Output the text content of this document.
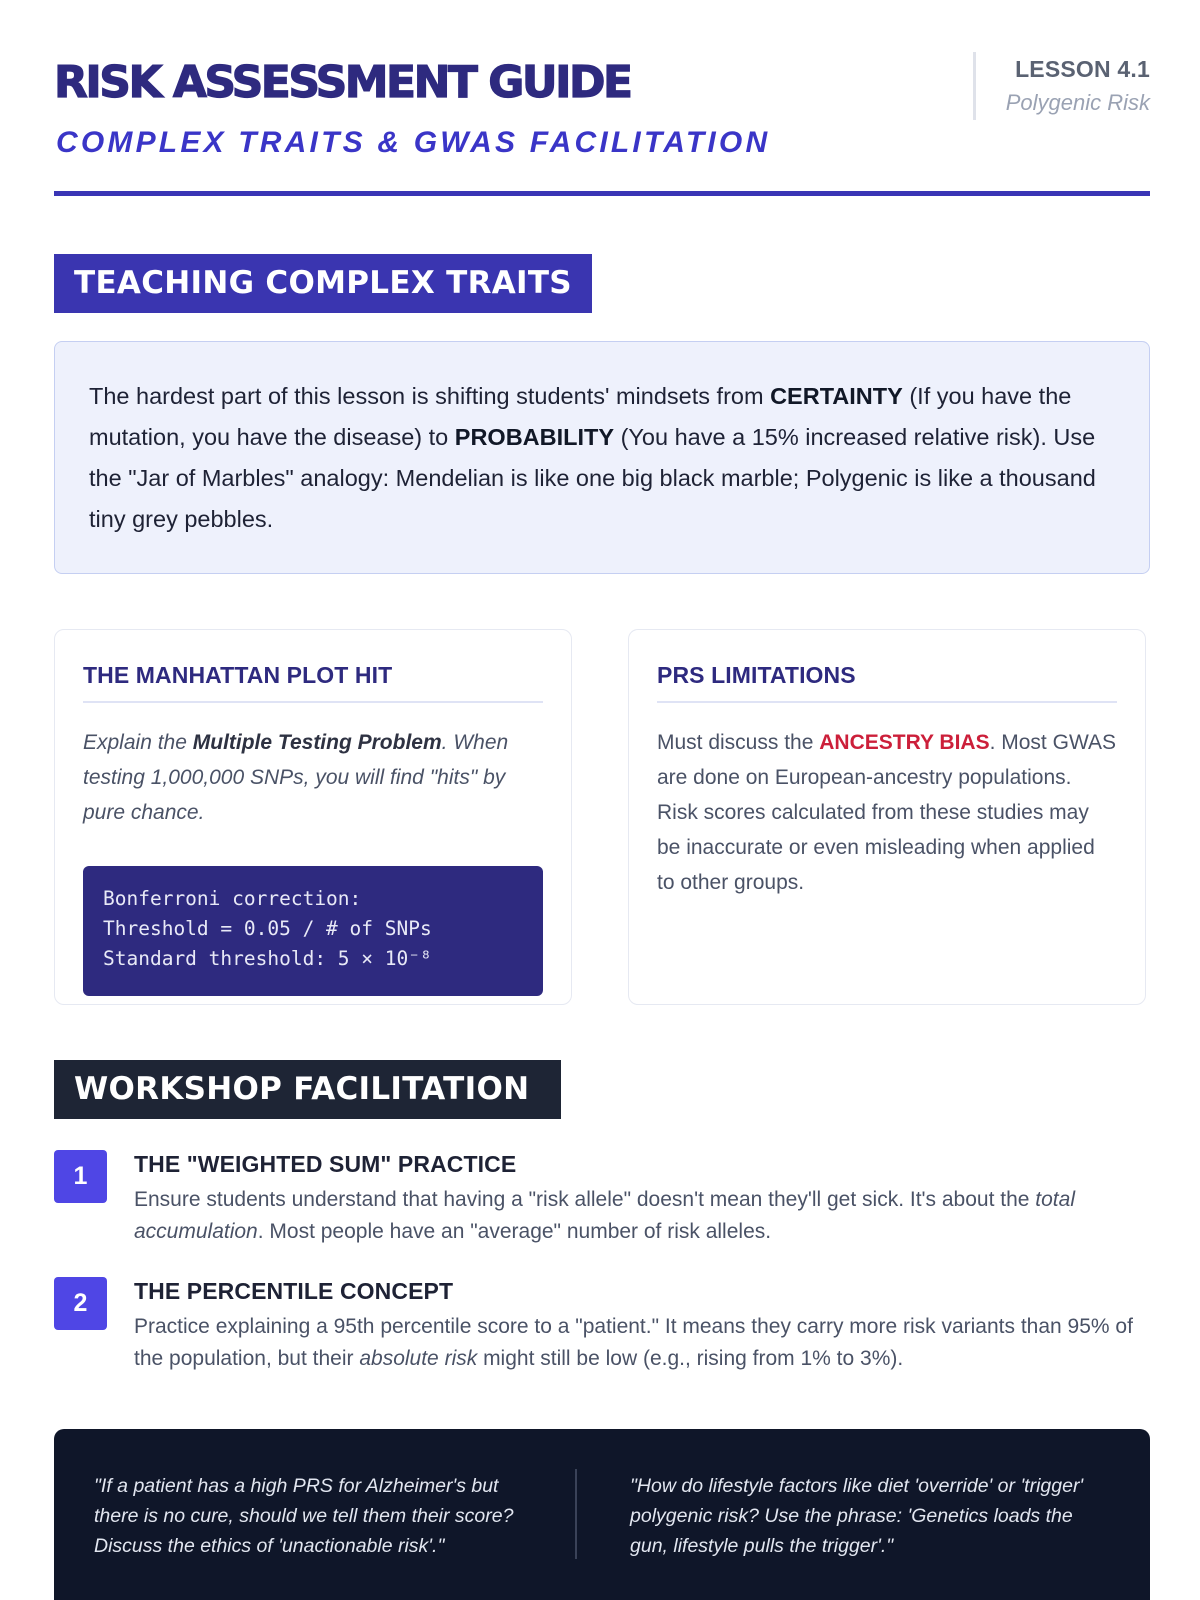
RISK ASSESSMENT GUIDE
COMPLEX TRAITS & GWAS FACILITATION
LESSON 4.1
Polygenic Risk
TEACHING COMPLEX TRAITS
The hardest part of this lesson is shifting students' mindsets from CERTAINTY (If you have the mutation, you have the disease) to PROBABILITY (You have a 15% increased relative risk). Use the "Jar of Marbles" analogy: Mendelian is like one big black marble; Polygenic is like a thousand tiny grey pebbles.
THE MANHATTAN PLOT HIT
Explain the Multiple Testing Problem. When testing 1,000,000 SNPs, you will find "hits" by pure chance.
Bonferroni correction:
Threshold = 0.05 / # of SNPs
Standard threshold: 5 × 10⁻⁸
PRS LIMITATIONS
Must discuss the ANCESTRY BIAS. Most GWAS are done on European-ancestry populations. Risk scores calculated from these studies may be inaccurate or even misleading when applied to other groups.
WORKSHOP FACILITATION
1	THE "WEIGHTED SUM" PRACTICE
Ensure students understand that having a "risk allele" doesn't mean they'll get sick. It's about the total accumulation. Most people have an "average" number of risk alleles.
2	THE PERCENTILE CONCEPT
Practice explaining a 95th percentile score to a "patient." It means they carry more risk variants than 95% of the population, but their absolute risk might still be low (e.g., rising from 1% to 3%).
"If a patient has a high PRS for Alzheimer's but there is no cure, should we tell them their score? Discuss the ethics of 'unactionable risk'."
"How do lifestyle factors like diet 'override' or 'trigger' polygenic risk? Use the phrase: 'Genetics loads the gun, lifestyle pulls the trigger'."
